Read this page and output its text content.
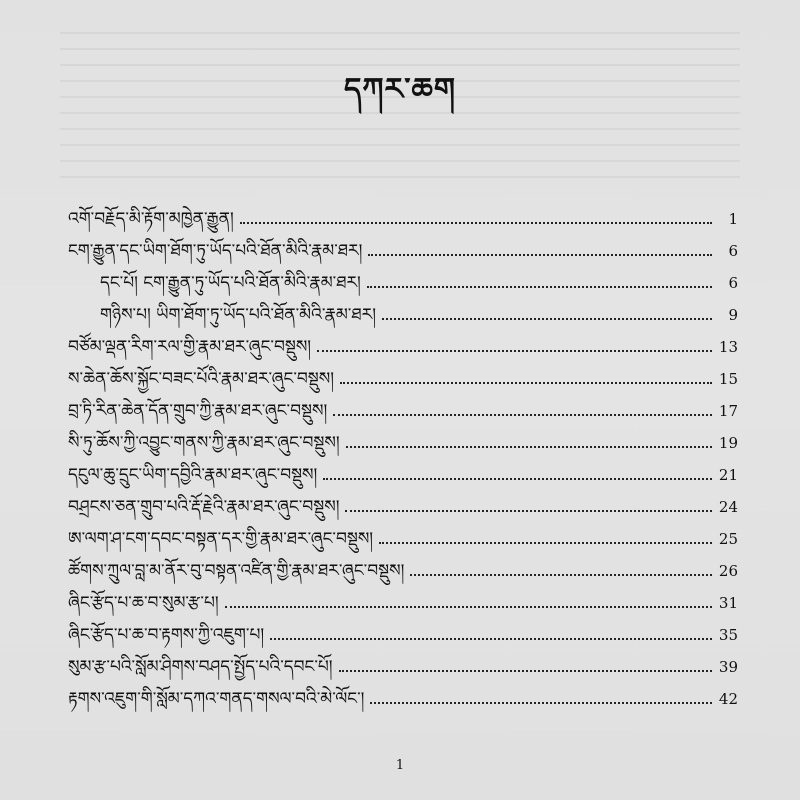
དཀར་ཆག
འགོ་བརྗོད་མི་རྟོག་མཁྱེན་རྒྱུན།	1
ངག་རྒྱུན་དང་ཡིག་ཐོག་ཏུ་ཡོད་པའི་ཐོན་མིའི་རྣམ་ཐར།	6
དང་པོ། ངག་རྒྱུན་ཏུ་ཡོད་པའི་ཐོན་མིའི་རྣམ་ཐར།	6
གཉིས་པ། ཡིག་ཐོག་ཏུ་ཡོད་པའི་ཐོན་མིའི་རྣམ་ཐར།	9
བཙོམ་ལྡན་རིག་རལ་གྱི་རྣམ་ཐར་ཞུང་བསྡུས།	13
ས་ཆེན་ཆོས་སྐྱོང་བཟང་པོའི་རྣམ་ཐར་ཞུང་བསྡུས།	15
བྲ་ཏི་རིན་ཆེན་དོན་གྲུབ་ཀྱི་རྣམ་ཐར་ཞུང་བསྡུས།	17
སི་ཏུ་ཆོས་ཀྱི་འབྱུང་གནས་ཀྱི་རྣམ་ཐར་ཞུང་བསྡུས།	19
དངུལ་ཆུ་དྲུང་ཡིག་དབྱིའི་རྣམ་ཐར་ཞུང་བསྡུས།	21
བཤྲངས་ཅན་གྲུབ་པའི་རྡོ་རྗེའི་རྣམ་ཐར་ཞུང་བསྡུས།	24
ཨ་ལག་ཤ་ངག་དབང་བསྟན་དར་གྱི་རྣམ་ཐར་ཞུང་བསྡུས།	25
ཚོགས་ཀྲུལ་བླ་མ་ནོར་བུ་བསྟན་འཛིན་གྱི་རྣམ་ཐར་ཞུང་བསྡུས།	26
ཞིང་རྩོད་པ་ཆ་བ་སུམ་རྩ་པ།	31
ཞིང་རྩོད་པ་ཆ་བ་རྟགས་ཀྱི་འཇུག་པ།	35
སུམ་རྩ་པའི་སློམ་ཤིགས་བཤད་སྤྱོད་པའི་དབང་པོ།	39
རྟགས་འཇུག་གི་སློམ་དཀའ་གནད་གསལ་བའི་མེ་ལོང་།	42
1
